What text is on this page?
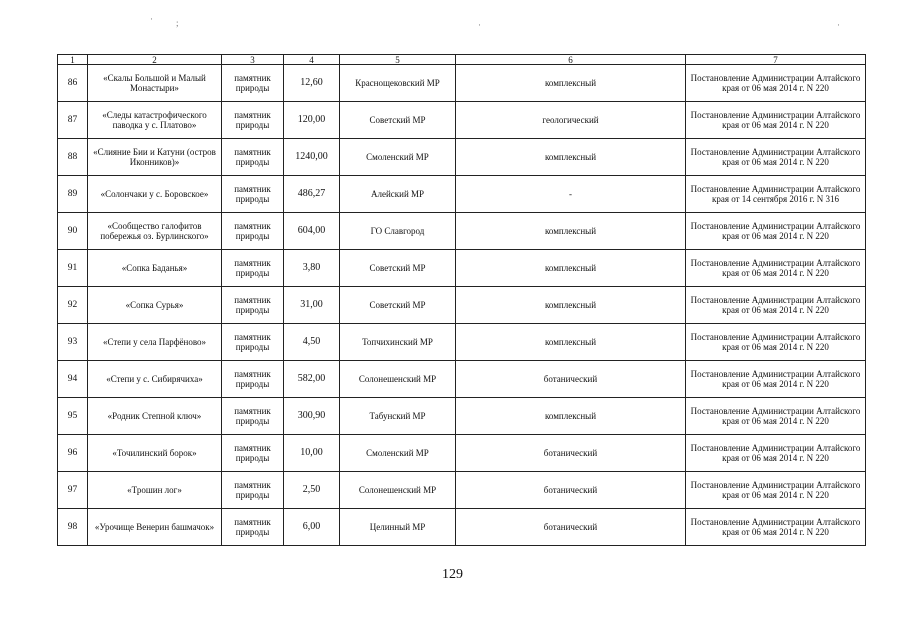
;
·
·	·
1	2	3	4	5	6	7
86	«Скалы Большой и Малый Монастыри»	памятник природы	12,60	Краснощековский МР	комплексный	Постановление Администрации Алтайского края от 06 мая 2014 г. N 220
87	«Следы катастрофического паводка у с. Платово»	памятник природы	120,00	Советский МР	геологический	Постановление Администрации Алтайского края от 06 мая 2014 г. N 220
88	«Слияние Бии и Катуни (остров Иконников)»	памятник природы	1240,00	Смоленский МР	комплексный	Постановление Администрации Алтайского края от 06 мая 2014 г. N 220
89	«Солончаки у с. Боровское»	памятник природы	486,27	Алейский МР	-	Постановление Администрации Алтайского края от 14 сентября 2016 г. N 316
90	«Сообщество галофитов побережья оз. Бурлинского»	памятник природы	604,00	ГО Славгород	комплексный	Постановление Администрации Алтайского края от 06 мая 2014 г. N 220
91	«Сопка Баданья»	памятник природы	3,80	Советский МР	комплексный	Постановление Администрации Алтайского края от 06 мая 2014 г. N 220
92	«Сопка Сурья»	памятник природы	31,00	Советский МР	комплексный	Постановление Администрации Алтайского края от 06 мая 2014 г. N 220
93	«Степи у села Парфёново»	памятник природы	4,50	Топчихинский МР	комплексный	Постановление Администрации Алтайского края от 06 мая 2014 г. N 220
94	«Степи у с. Сибирячиха»	памятник природы	582,00	Солонешенский МР	ботанический	Постановление Администрации Алтайского края от 06 мая 2014 г. N 220
95	«Родник Степной ключ»	памятник природы	300,90	Табунский МР	комплексный	Постановление Администрации Алтайского края от 06 мая 2014 г. N 220
96	«Точилинский борок»	памятник природы	10,00	Смоленский МР	ботанический	Постановление Администрации Алтайского края от 06 мая 2014 г. N 220
97	«Трошин лог»	памятник природы	2,50	Солонешенский МР	ботанический	Постановление Администрации Алтайского края от 06 мая 2014 г. N 220
98	«Урочище Венерин башмачок»	памятник природы	6,00	Целинный МР	ботанический	Постановление Администрации Алтайского края от 06 мая 2014 г. N 220
129
